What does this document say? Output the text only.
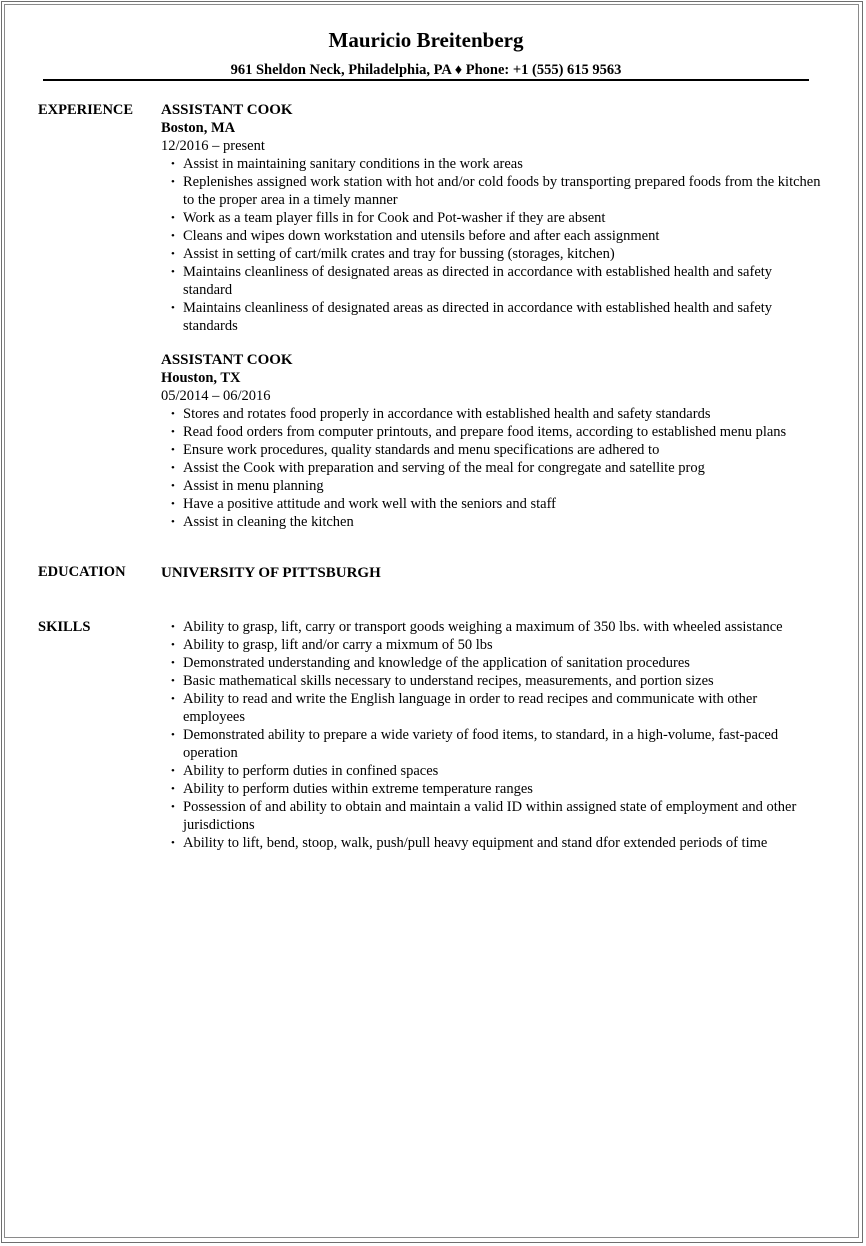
Mauricio Breitenberg
961 Sheldon Neck, Philadelphia, PA ♦ Phone: +1 (555) 615 9563
EXPERIENCE ASSISTANT COOK
Boston, MA
12/2016 – present
• Assist in maintaining sanitary conditions in the work areas
• Replenishes assigned work station with hot and/or cold foods by transporting prepared foods from the kitchen to the proper area in a timely manner
• Work as a team player fills in for Cook and Pot-washer if they are absent
• Cleans and wipes down workstation and utensils before and after each assignment
• Assist in setting of cart/milk crates and tray for bussing (storages, kitchen)
• Maintains cleanliness of designated areas as directed in accordance with established health and safety standard
• Maintains cleanliness of designated areas as directed in accordance with established health and safety standards
ASSISTANT COOK
Houston, TX
05/2014 – 06/2016
• Stores and rotates food properly in accordance with established health and safety standards
• Read food orders from computer printouts, and prepare food items, according to established menu plans
• Ensure work procedures, quality standards and menu specifications are adhered to
• Assist the Cook with preparation and serving of the meal for congregate and satellite prog
• Assist in menu planning
• Have a positive attitude and work well with the seniors and staff
• Assist in cleaning the kitchen
EDUCATION UNIVERSITY OF PITTSBURGH
SKILLS	• Ability to grasp, lift, carry or transport goods weighing a maximum of 350 lbs. with wheeled assistance
• Ability to grasp, lift and/or carry a mixmum of 50 lbs
• Demonstrated understanding and knowledge of the application of sanitation procedures
• Basic mathematical skills necessary to understand recipes, measurements, and portion sizes
• Ability to read and write the English language in order to read recipes and communicate with other employees
• Demonstrated ability to prepare a wide variety of food items, to standard, in a high-volume, fast-paced operation
• Ability to perform duties in confined spaces
• Ability to perform duties within extreme temperature ranges
• Possession of and ability to obtain and maintain a valid ID within assigned state of employment and other jurisdictions
• Ability to lift, bend, stoop, walk, push/pull heavy equipment and stand dfor extended periods of time
